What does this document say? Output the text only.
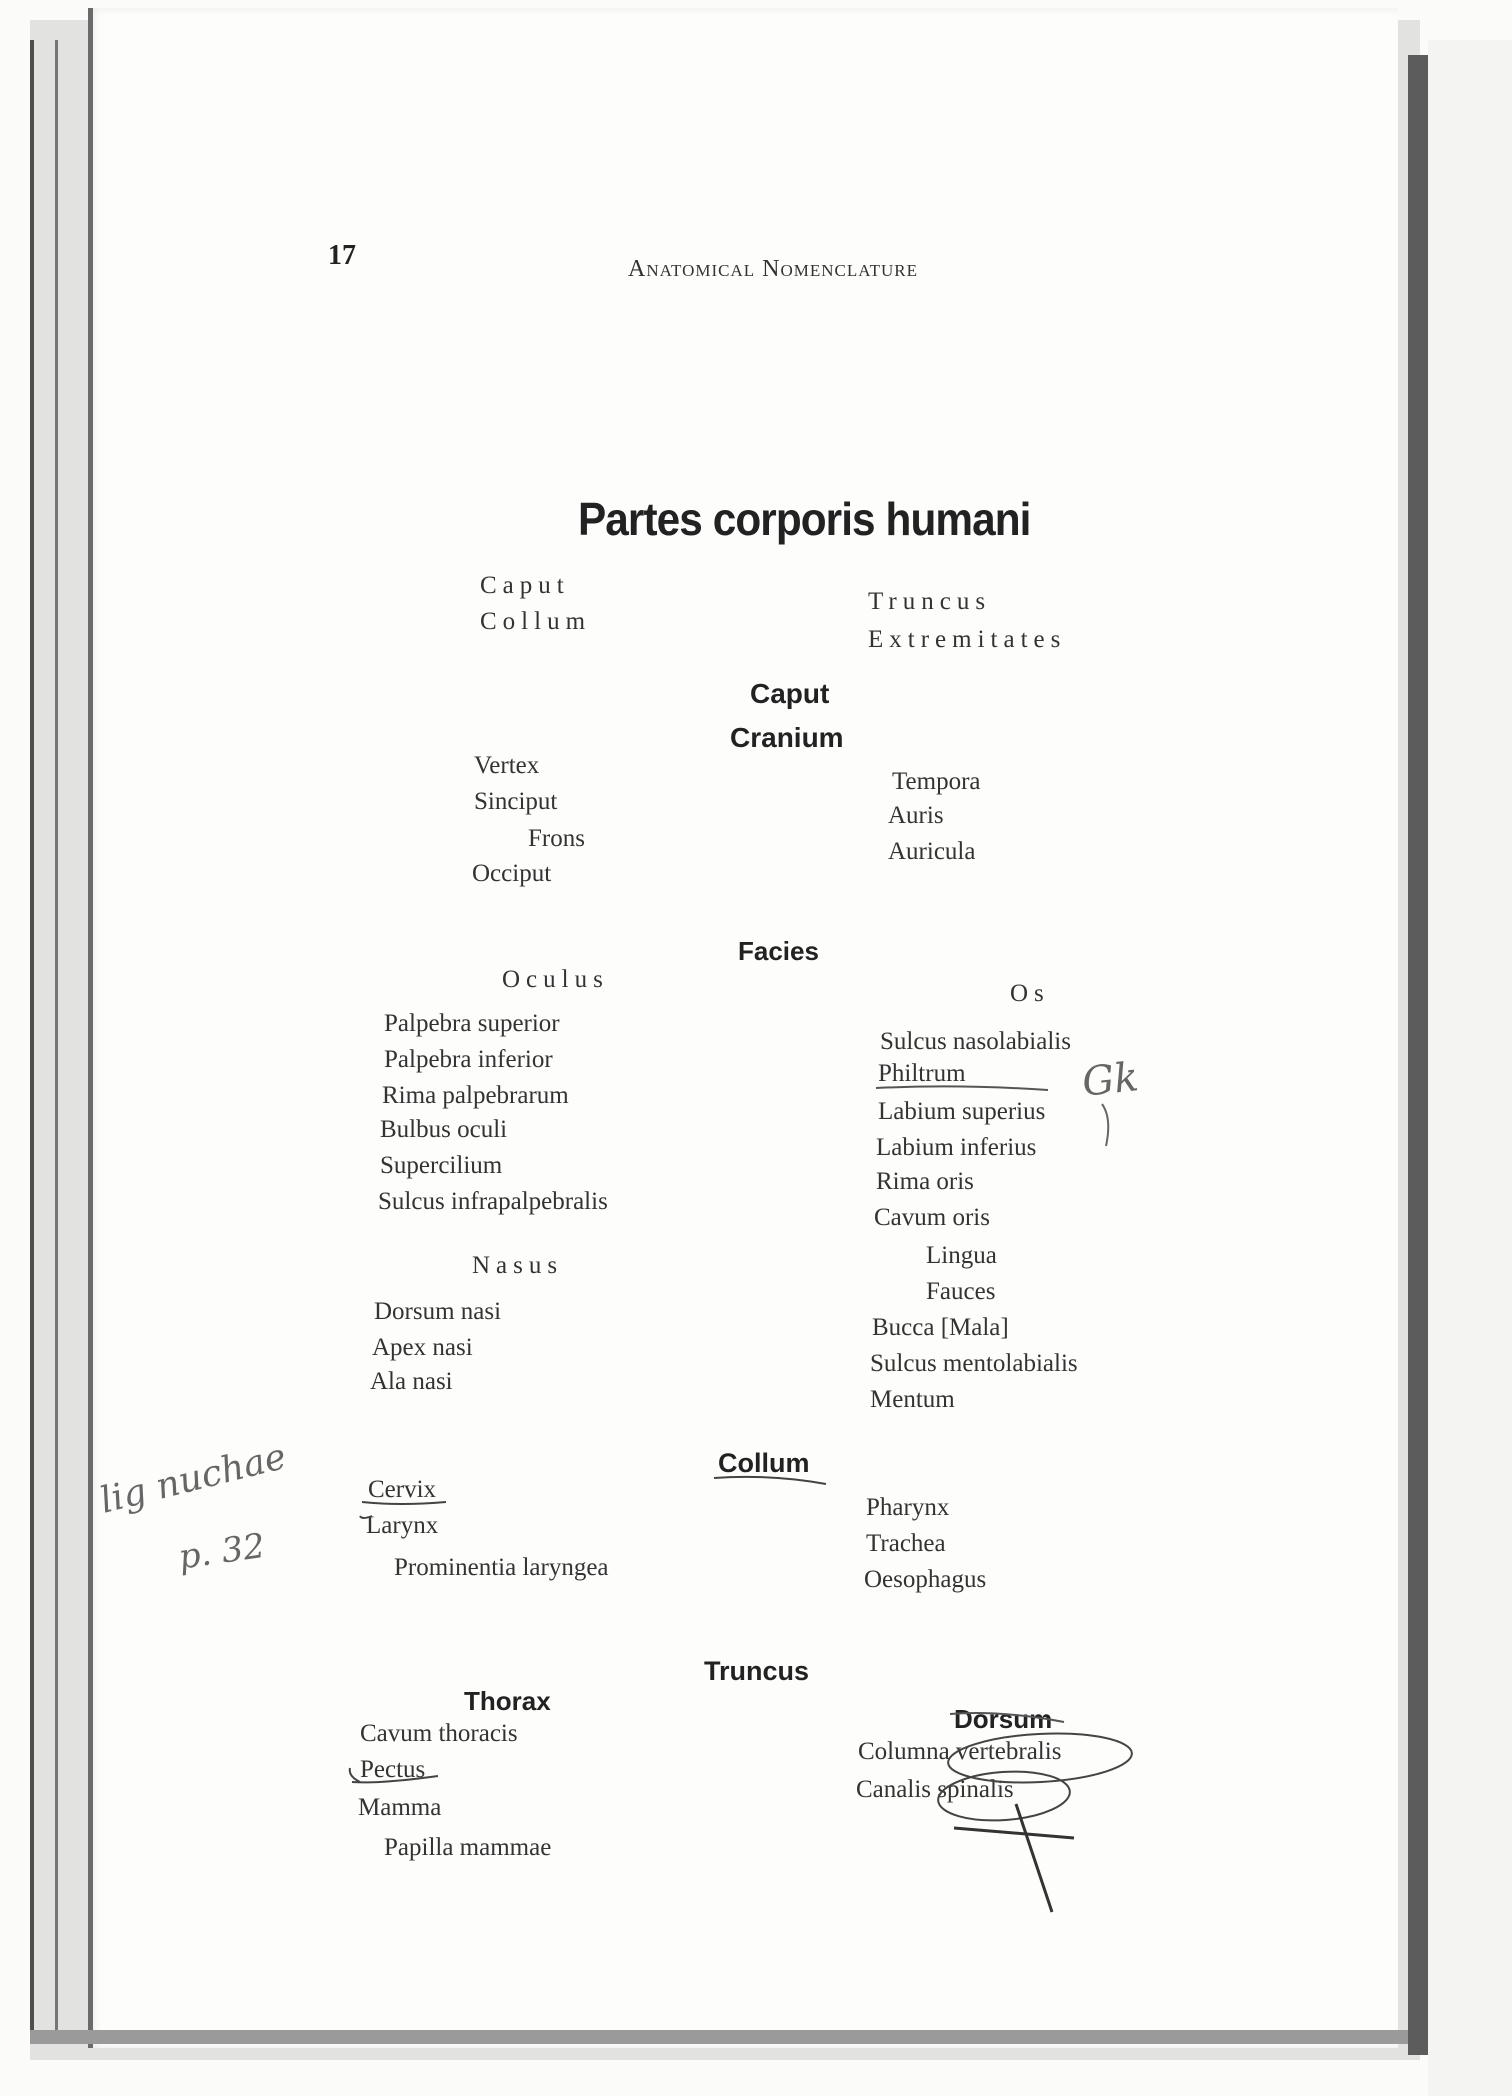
17	Anatomical Nomenclature
Partes corporis humani
Caput
Collum
Truncus
Extremitates
Caput
Cranium
Vertex
Sinciput
Frons
Occiput
Tempora
Auris
Auricula
Facies
Oculus
Palpebra superior
Palpebra inferior
Rima palpebrarum
Bulbus oculi
Supercilium
Sulcus infrapalpebralis
Nasus
Dorsum nasi
Apex nasi
Ala nasi
Os
Sulcus nasolabialis
Philtrum
Labium superius
Labium inferius
Rima oris
Cavum oris
Lingua
Fauces
Bucca [Mala]
Sulcus mentolabialis
Mentum
Collum
Cervix
Larynx
Prominentia laryngea
Pharynx
Trachea
Oesophagus
Truncus
Thorax
Cavum thoracis
Pectus
Mamma
Papilla mammae
Dorsum
Columna vertebralis
Canalis spinalis
lig nuchae
p. 32
Gk
